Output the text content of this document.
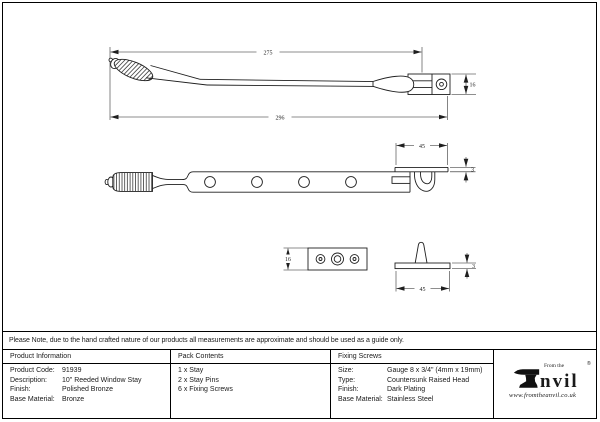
275
296
16
45
3
16
3
45
Please Note, due to the hand crafted nature of our products all measurements are approximate and should be used as a guide only.
Product Information	Pack Contents	Fixing Screws
Product Code:	91939
Description:	10" Reeded Window Stay
Finish:	Polished Bronze
Base Material:	Bronze
1 x Stay
2 x Stay Pins
6 x Fixing Screws
Size:	Gauge 8 x 3/4" (4mm x 19mm)
Type:	Countersunk Raised Head
Finish:	Dark Plating
Base Material: Stainless Steel
From the
nvil
®
www.fromtheanvil.co.uk
